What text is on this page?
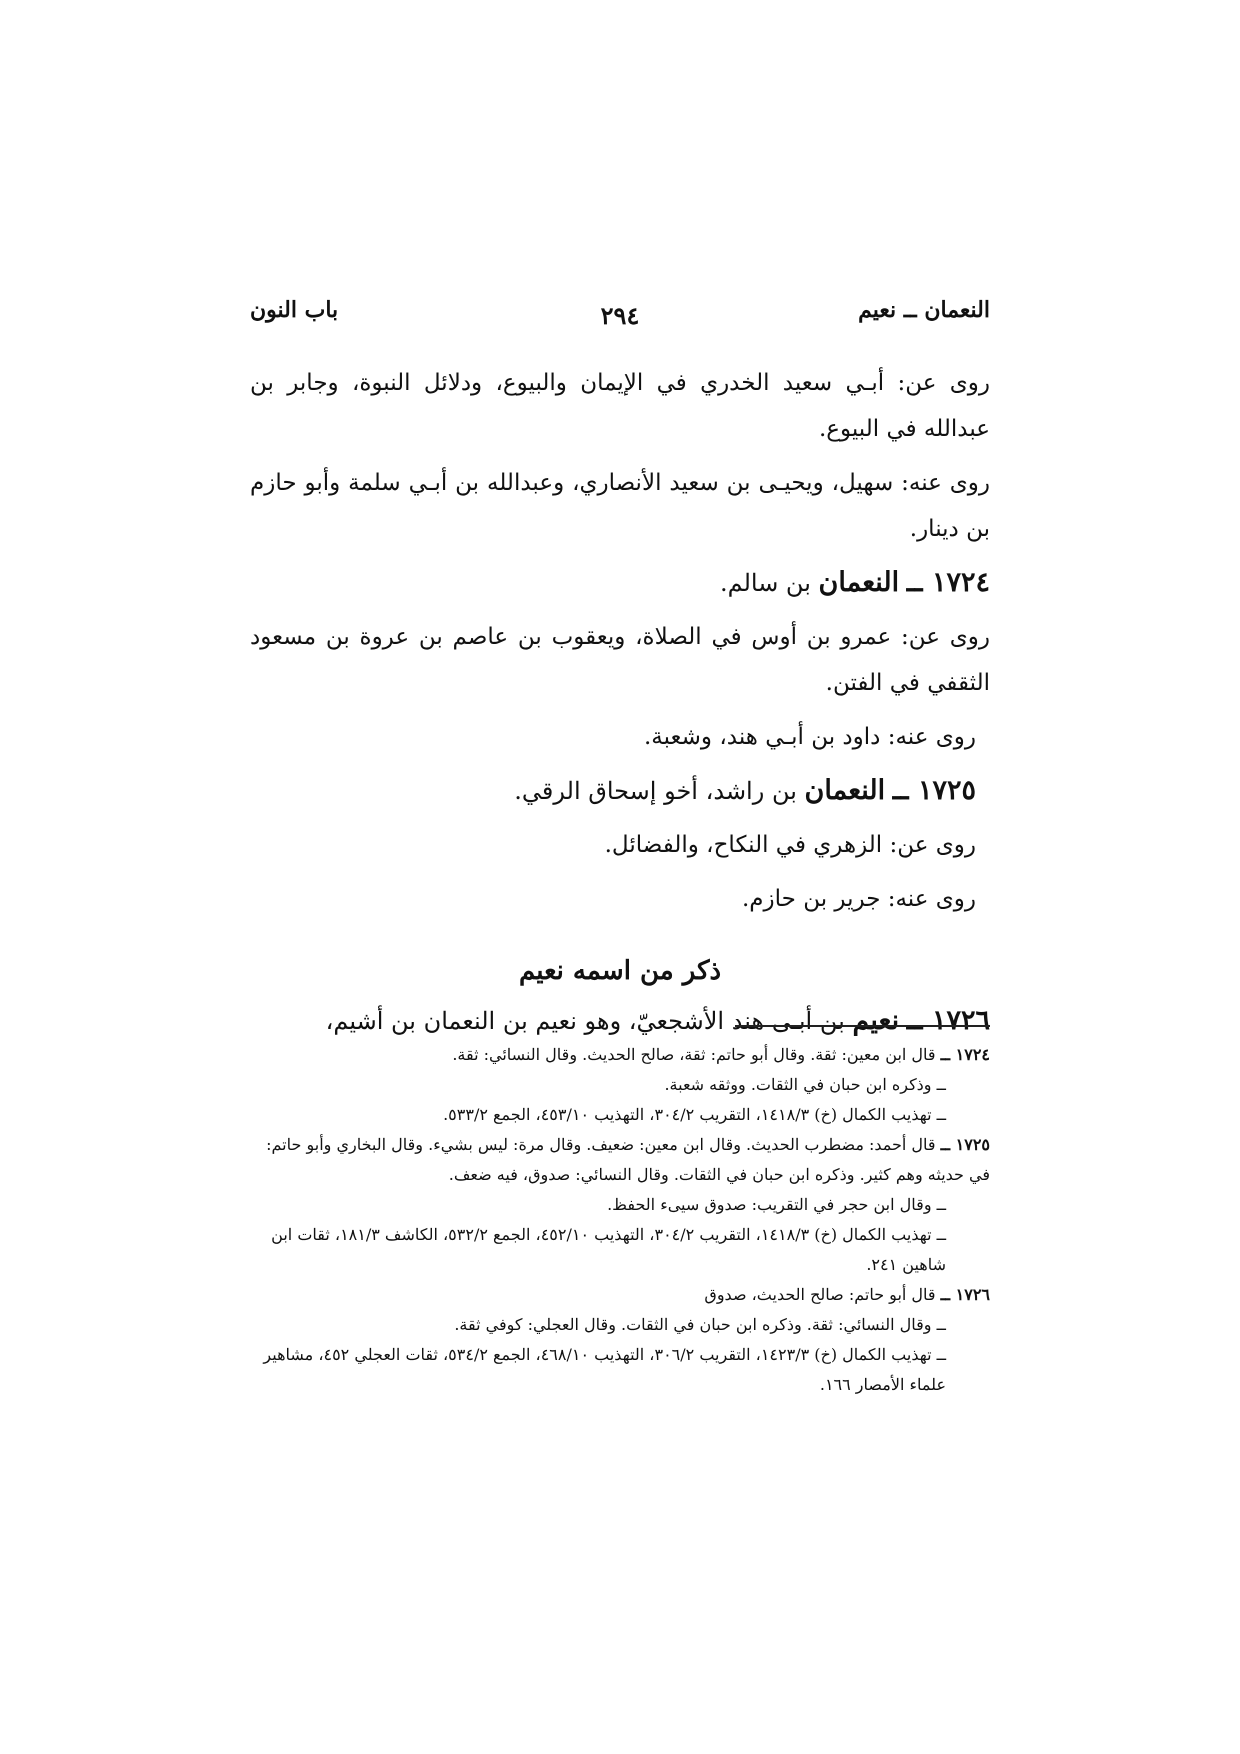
النعمان ــ نعيم
٢٩٤
باب النون

روى عن: أبـي سعيد الخدري في الإيمان والبيوع، ودلائل النبوة، وجابر بن عبدالله في البيوع.

روى عنه: سهيل، ويحيـى بن سعيد الأنصاري، وعبدالله بن أبـي سلمة وأبو حازم بن دينار.

١٧٢٤ ــ النعمان بن سالم.

روى عن: عمرو بن أوس في الصلاة، ويعقوب بن عاصم بن عروة بن مسعود الثقفي في الفتن.

روى عنه: داود بن أبـي هند، وشعبة.

١٧٢٥ ــ النعمان بن راشد، أخو إسحاق الرقي.

روى عن: الزهري في النكاح، والفضائل.

روى عنه: جرير بن حازم.

ذكر من اسمه نعيم

١٧٢٦ ــ نعيم بن أبـى هند الأشجعيّ، وهو نعيم بن النعمان بن أشيم،

١٧٢٤ ــ قال ابن معين: ثقة. وقال أبو حاتم: ثقة، صالح الحديث. وقال النسائي: ثقة.

ــ وذكره ابن حبان في الثقات. ووثقه شعبة.

ــ تهذيب الكمال (خ) ١٤١٨/٣، التقريب ٣٠٤/٢، التهذيب ٤٥٣/١٠، الجمع ٥٣٣/٢.

١٧٢٥ ــ قال أحمد: مضطرب الحديث. وقال ابن معين: ضعيف. وقال مرة: ليس بشيء. وقال البخاري وأبو حاتم: في حديثه وهم كثير. وذكره ابن حبان في الثقات. وقال النسائي: صدوق، فيه ضعف.

ــ وقال ابن حجر في التقريب: صدوق سيىء الحفظ.

ــ تهذيب الكمال (خ) ١٤١٨/٣، التقريب ٣٠٤/٢، التهذيب ٤٥٢/١٠، الجمع ٥٣٢/٢، الكاشف ١٨١/٣، ثقات ابن شاهين ٢٤١.

١٧٢٦ ــ قال أبو حاتم: صالح الحديث، صدوق

ــ وقال النسائي: ثقة. وذكره ابن حبان في الثقات. وقال العجلي: كوفي ثقة.

ــ تهذيب الكمال (خ) ١٤٢٣/٣، التقريب ٣٠٦/٢، التهذيب ٤٦٨/١٠، الجمع ٥٣٤/٢، ثقات العجلي ٤٥٢، مشاهير علماء الأمصار ١٦٦.
